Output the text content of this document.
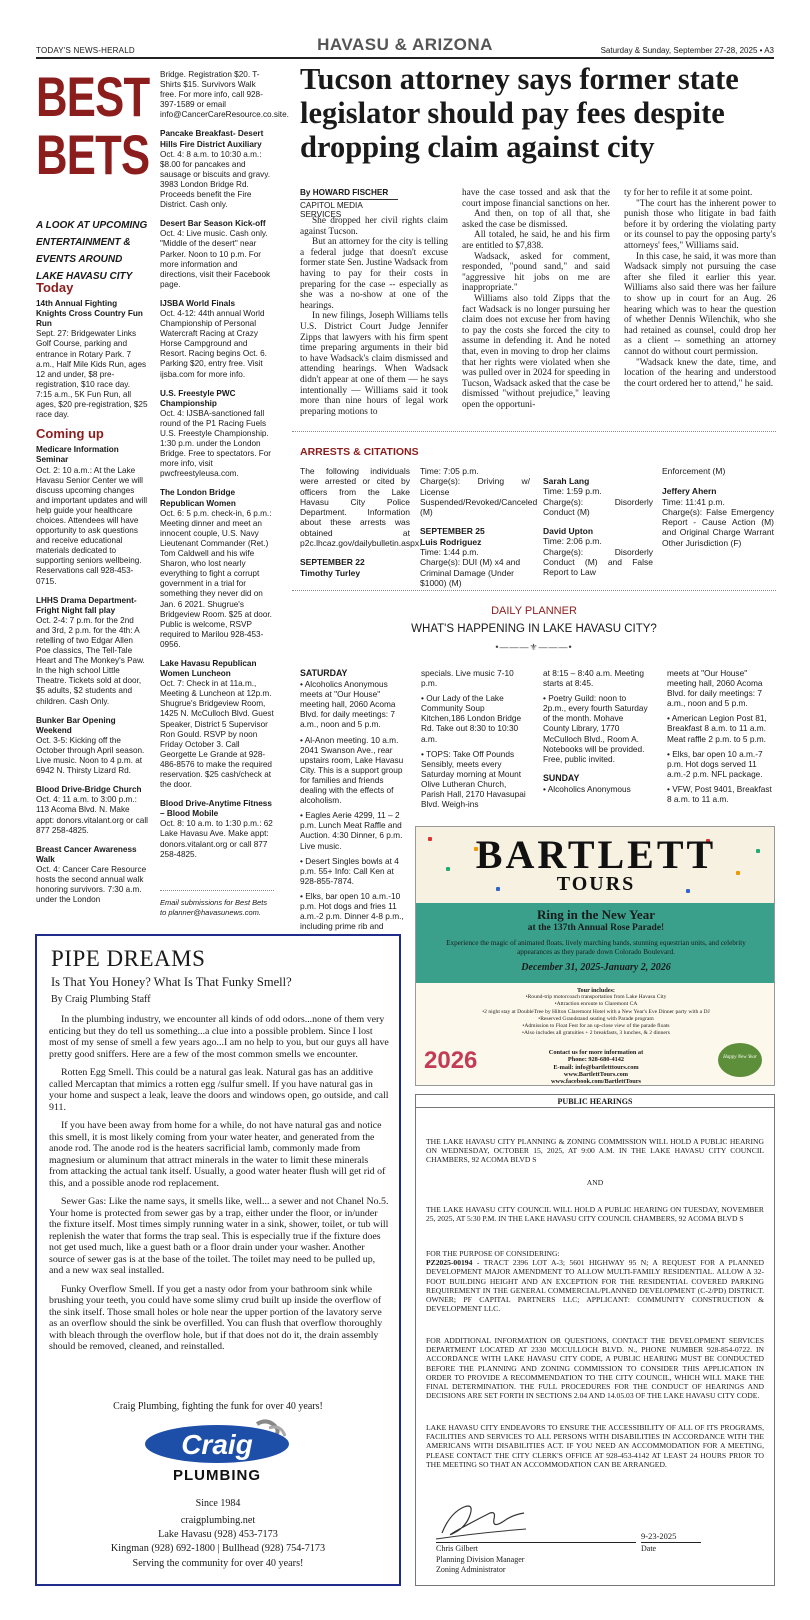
TODAY'S NEWS-HERALD	HAVASU & ARIZONA	Saturday & Sunday, September 27-28, 2025 • A3
BEST
BETS
A LOOK AT UPCOMING ENTERTAINMENT & EVENTS AROUND LAKE HAVASU CITY
Today
14th Annual Fighting Knights Cross Country Fun Run
Sept. 27: Bridgewater Links Golf Course, parking and entrance in Rotary Park. 7 a.m., Half Mile Kids Run, ages 12 and under, $8 pre-registration, $10 race day. 7:15 a.m., 5K Fun Run, all ages, $20 pre-registration, $25 race day.
Coming up
Medicare Information Seminar
Oct. 2: 10 a.m.: At the Lake Havasu Senior Center we will discuss upcoming changes and important updates and will help guide your healthcare choices. Attendees will have opportunity to ask questions and receive educational materials dedicated to supporting seniors wellbeing. Reservations call 928-453-0715.
LHHS Drama Department-Fright Night fall play
Oct. 2-4: 7 p.m. for the 2nd and 3rd, 2 p.m. for the 4th: A retelling of two Edgar Allen Poe classics, The Tell-Tale Heart and The Monkey's Paw. In the high school Little Theatre. Tickets sold at door, $5 adults, $2 students and children. Cash Only.
Bunker Bar Opening Weekend
Oct. 3-5: Kicking off the October through April season. Live music. Noon to 4 p.m. at 6942 N. Thirsty Lizard Rd.
Blood Drive-Bridge Church
Oct. 4: 11 a.m. to 3:00 p.m.: 113 Acoma Blvd. N. Make appt: donors.vitalant.org or call 877 258-4825.
Breast Cancer Awareness Walk
Oct. 4: Cancer Care Resource hosts the second annual walk honoring survivors. 7:30 a.m. under the London
Bridge. Registration $20. T-Shirts $15. Survivors Walk free. For more info, call 928-397-1589 or email info@CancerCareResource.co.site.
Pancake Breakfast- Desert Hills Fire District Auxiliary
Oct. 4: 8 a.m. to 10:30 a.m.: $8.00 for pancakes and sausage or biscuits and gravy. 3983 London Bridge Rd. Proceeds benefit the Fire District. Cash only.
Desert Bar Season Kick-off
Oct. 4: Live music. Cash only. "Middle of the desert" near Parker. Noon to 10 p.m. For more information and directions, visit their Facebook page.
IJSBA World Finals
Oct. 4-12: 44th annual World Championship of Personal Watercraft Racing at Crazy Horse Campground and Resort. Racing begins Oct. 6. Parking $20, entry free. Visit ijsba.com for more info.
U.S. Freestyle PWC Championship
Oct. 4: IJSBA-sanctioned fall round of the P1 Racing Fuels U.S. Freestyle Championship. 1:30 p.m. under the London Bridge. Free to spectators. For more info, visit pwcfreestyleusa.com.
The London Bridge Republican Women
Oct. 6: 5 p.m. check-in, 6 p.m.: Meeting dinner and meet an innocent couple, U.S. Navy Lieutenant Commander (Ret.) Tom Caldwell and his wife Sharon, who lost nearly everything to fight a corrupt government in a trial for something they never did on Jan. 6 2021. Shugrue's Bridgeview Room. $25 at door. Public is welcome, RSVP required to Marilou 928-453-0956.
Lake Havasu Republican Women Luncheon
Oct. 7: Check in at 11a.m., Meeting & Luncheon at 12p.m. Shugrue's Bridgeview Room, 1425 N. McCulloch Blvd. Guest Speaker, District 5 Supervisor Ron Gould. RSVP by noon Friday October 3. Call Georgette Le Grande at 928-486-8576 to make the required reservation. $25 cash/check at the door.
Blood Drive-Anytime Fitness – Blood Mobile
Oct. 8: 10 a.m. to 1:30 p.m.: 62 Lake Havasu Ave. Make appt: donors.vitalant.org or call 877 258-4825.
Email submissions for Best Bets to planner@havasunews.com.
Tucson attorney says former state legislator should pay fees despite dropping claim against city
By HOWARD FISCHER
CAPITOL MEDIA SERVICES

She dropped her civil rights claim against Tucson.

But an attorney for the city is telling a federal judge that doesn't excuse former state Sen. Justine Wadsack from having to pay for their costs in preparing for the case -- especially as she was a no-show at one of the hearings.

In new filings, Joseph Williams tells U.S. District Court Judge Jennifer Zipps that lawyers with his firm spent time preparing arguments in their bid to have Wadsack's claim dismissed and attending hearings. When Wadsack didn't appear at one of them — he says intentionally — Williams said it took more than nine hours of legal work preparing motions to

have the case tossed and ask that the court impose financial sanctions on her.

And then, on top of all that, she asked the case be dismissed.

All totaled, he said, he and his firm are entitled to $7,838.

Wadsack, asked for comment, responded, "pound sand," and said "aggressive hit jobs on me are inappropriate."

Williams also told Zipps that the fact Wadsack is no longer pursuing her claim does not excuse her from having to pay the costs she forced the city to assume in defending it. And he noted that, even in moving to drop her claims that her rights were violated when she was pulled over in 2024 for speeding in Tucson, Wadsack asked that the case be dismissed "without prejudice," leaving open the opportuni-

ty for her to refile it at some point.

"The court has the inherent power to punish those who litigate in bad faith before it by ordering the violating party or its counsel to pay the opposing party's attorneys' fees," Williams said.

In this case, he said, it was more than Wadsack simply not pursuing the case after she filed it earlier this year. Williams also said there was her failure to show up in court for an Aug. 26 hearing which was to hear the question of whether Dennis Wilenchik, who she had retained as counsel, could drop her as a client -- something an attorney cannot do without court permission.

"Wadsack knew the date, time, and location of the hearing and understood the court ordered her to attend," he said.

ARRESTS & CITATIONS
The following individuals were arrested or cited by officers from the Lake Havasu City Police Department. Information about these arrests was obtained at p2c.lhcaz.gov/dailybulletin.aspx.
SEPTEMBER 22
Timothy Turley
Time: 7:05 p.m.
Charge(s): Driving w/ License Suspended/Revoked/Canceled (M)
SEPTEMBER 25
Luis Rodriguez
Time: 1:44 p.m.
Charge(s): DUI (M) x4 and Criminal Damage (Under $1000) (M)
Sarah Lang
Time: 1:59 p.m.
Charge(s): Disorderly Conduct (M)
David Upton
Time: 2:06 p.m.
Charge(s): Disorderly Conduct (M) and False Report to Law
Enforcement (M)
Jeffery Ahern
Time: 11:41 p.m.
Charge(s): False Emergency Report - Cause Action (M) and Original Charge Warrant Other Jurisdiction (F)
DAILY PLANNER
WHAT'S HAPPENING IN LAKE HAVASU CITY?
•———⚜———•
SATURDAY
• Alcoholics Anonymous meets at "Our House" meeting hall, 2060 Acoma Blvd. for daily meetings: 7 a.m., noon and 5 p.m.
• Al-Anon meeting. 10 a.m. 2041 Swanson Ave., rear upstairs room, Lake Havasu City. This is a support group for families and friends dealing with the effects of alcoholism.
• Eagles Aerie 4299, 11 – 2 p.m. Lunch Meat Raffle and Auction. 4:30 Dinner, 6 p.m. Live music.
• Desert Singles bowls at 4 p.m. 55+ Info: Call Ken at 928-855-7874.
• Elks, bar open 10 a.m.-10 p.m. Hot dogs and fries 11 a.m.-2 p.m. Dinner 4-8 p.m., including prime rib and
specials. Live music 7-10 p.m.
• Our Lady of the Lake Community Soup Kitchen,186 London Bridge Rd. Take out 8:30 to 10:30 a.m.
• TOPS: Take Off Pounds Sensibly, meets every Saturday morning at Mount Olive Lutheran Church, Parish Hall, 2170 Havasupai Blvd. Weigh-ins
at 8:15 – 8:40 a.m. Meeting starts at 8:45.
• Poetry Guild: noon to 2p.m., every fourth Saturday of the month. Mohave County Library, 1770 McCulloch Blvd., Room A. Notebooks will be provided. Free, public invited.
SUNDAY
• Alcoholics Anonymous
meets at "Our House" meeting hall, 2060 Acoma Blvd. for daily meetings: 7 a.m., noon and 5 p.m.
• American Legion Post 81, Breakfast 8 a.m. to 11 a.m. Meat raffle 2 p.m. to 5 p.m.
• Elks, bar open 10 a.m.-7 p.m. Hot dogs served 11 a.m.-2 p.m. NFL package.
• VFW, Post 9401, Breakfast 8 a.m. to 11 a.m.
BARTLETT
TOURS
Ring in the New Year
at the 137th Annual Rose Parade!
Experience the magic of animated floats, lively marching bands, stunning equestrian units, and celebrity appearances as they parade down Colorado Boulevard.
December 31, 2025-January 2, 2026
Tour includes:
•Round-trip motorcoach transportation from Lake Havasu City
•Attraction enroute to Claremont CA
•2 night stay at DoubleTree by Hilton Claremont Hotel with a New Year's Eve Dinner party with a DJ
•Reserved Grandstand seating with Parade program
•Admission to Float Fest for an up-close view of the parade floats
•Also includes all gratuities + 2 breakfasts, 3 lunches, & 2 dinners
2026	Contact us for more information at
Phone: 928-680-4142
E-mail: info@bartletttours.com
www.BartlettTours.com
www.facebook.com/BartlettTours
Happy New Year
PIPE DREAMS
Is That You Honey? What Is That Funky Smell?
By Craig Plumbing Staff

In the plumbing industry, we encounter all kinds of odd odors...none of them very enticing but they do tell us something...a clue into a possible problem. Since I lost most of my sense of smell a few years ago...I am no help to you, but our guys all have pretty good sniffers. Here are a few of the most common smells we encounter.

Rotten Egg Smell. This could be a natural gas leak. Natural gas has an additive called Mercaptan that mimics a rotten egg /sulfur smell. If you have natural gas in your home and suspect a leak, leave the doors and windows open, go outside, and call 911.

If you have been away from home for a while, do not have natural gas and notice this smell, it is most likely coming from your water heater, and generated from the anode rod. The anode rod is the heaters sacrificial lamb, commonly made from magnesium or aluminum that attract minerals in the water to limit these minerals from attacking the actual tank itself. Usually, a good water heater flush will get rid of this, and a possible anode rod replacement.

Sewer Gas: Like the name says, it smells like, well... a sewer and not Chanel No.5. Your home is protected from sewer gas by a trap, either under the floor, or in/under the fixture itself. Most times simply running water in a sink, shower, toilet, or tub will replenish the water that forms the trap seal. This is especially true if the fixture does not get used much, like a guest bath or a floor drain under your washer. Another source of sewer gas is at the base of the toilet. The toilet may need to be pulled up, and a new wax seal installed.

Funky Overflow Smell. If you get a nasty odor from your bathroom sink while brushing your teeth, you could have some slimy crud built up inside the overflow of the sink itself. Those small holes or hole near the upper portion of the lavatory serve as an overflow should the sink be overfilled. You can flush that overflow thoroughly with bleach through the overflow hole, but if that does not do it, the drain assembly should be removed, cleaned, and reinstalled.

Craig Plumbing, fighting the funk for over 40 years!
Craig
PLUMBING
Since 1984
craigplumbing.net
Lake Havasu (928) 453-7173
Kingman (928) 692-1800 | Bullhead (928) 754-7173
Serving the community for over 40 years!
PUBLIC HEARINGS
THE LAKE HAVASU CITY PLANNING & ZONING COMMISSION WILL HOLD A PUBLIC HEARING ON WEDNESDAY, OCTOBER 15, 2025, AT 9:00 A.M. IN THE LAKE HAVASU CITY COUNCIL CHAMBERS, 92 ACOMA BLVD S
AND
THE LAKE HAVASU CITY COUNCIL WILL HOLD A PUBLIC HEARING ON TUESDAY, NOVEMBER 25, 2025, AT 5:30 P.M. IN THE LAKE HAVASU CITY COUNCIL CHAMBERS, 92 ACOMA BLVD S
FOR THE PURPOSE OF CONSIDERING:
PZ2025-00194 - TRACT 2396 LOT A-3; 5601 HIGHWAY 95 N; A REQUEST FOR A PLANNED DEVELOPMENT MAJOR AMENDMENT TO ALLOW MULTI-FAMILY RESIDENTIAL. ALLOW A 32-FOOT BUILDING HEIGHT AND AN EXCEPTION FOR THE RESIDENTIAL COVERED PARKING REQUIREMENT IN THE GENERAL COMMERCIAL/PLANNED DEVELOPMENT (C-2/PD) DISTRICT. OWNER; PF CAPITAL PARTNERS LLC; APPLICANT: COMMUNITY CONSTRUCTION & DEVELOPMENT LLC.
FOR ADDITIONAL INFORMATION OR QUESTIONS, CONTACT THE DEVELOPMENT SERVICES DEPARTMENT LOCATED AT 2330 MCCULLOCH BLVD. N., PHONE NUMBER 928-854-0722. IN ACCORDANCE WITH LAKE HAVASU CITY CODE, A PUBLIC HEARING MUST BE CONDUCTED BEFORE THE PLANNING AND ZONING COMMISSION TO CONSIDER THIS APPLICATION IN ORDER TO PROVIDE A RECOMMENDATION TO THE CITY COUNCIL, WHICH WILL MAKE THE FINAL DETERMINATION. THE FULL PROCEDURES FOR THE CONDUCT OF HEARINGS AND DECISIONS ARE SET FORTH IN SECTIONS 2.04 AND 14.05.03 OF THE LAKE HAVASU CITY CODE.
LAKE HAVASU CITY ENDEAVORS TO ENSURE THE ACCESSIBILITY OF ALL OF ITS PROGRAMS, FACILITIES AND SERVICES TO ALL PERSONS WITH DISABILITIES IN ACCORDANCE WITH THE AMERICANS WITH DISABILITIES ACT. IF YOU NEED AN ACCOMMODATION FOR A MEETING, PLEASE CONTACT THE CITY CLERK'S OFFICE AT 928-453-4142 AT LEAST 24 HOURS PRIOR TO THE MEETING SO THAT AN ACCOMMODATION CAN BE ARRANGED.
9-23-2025
Chris Gilbert
Planning Division Manager
Zoning Administrator
Date
